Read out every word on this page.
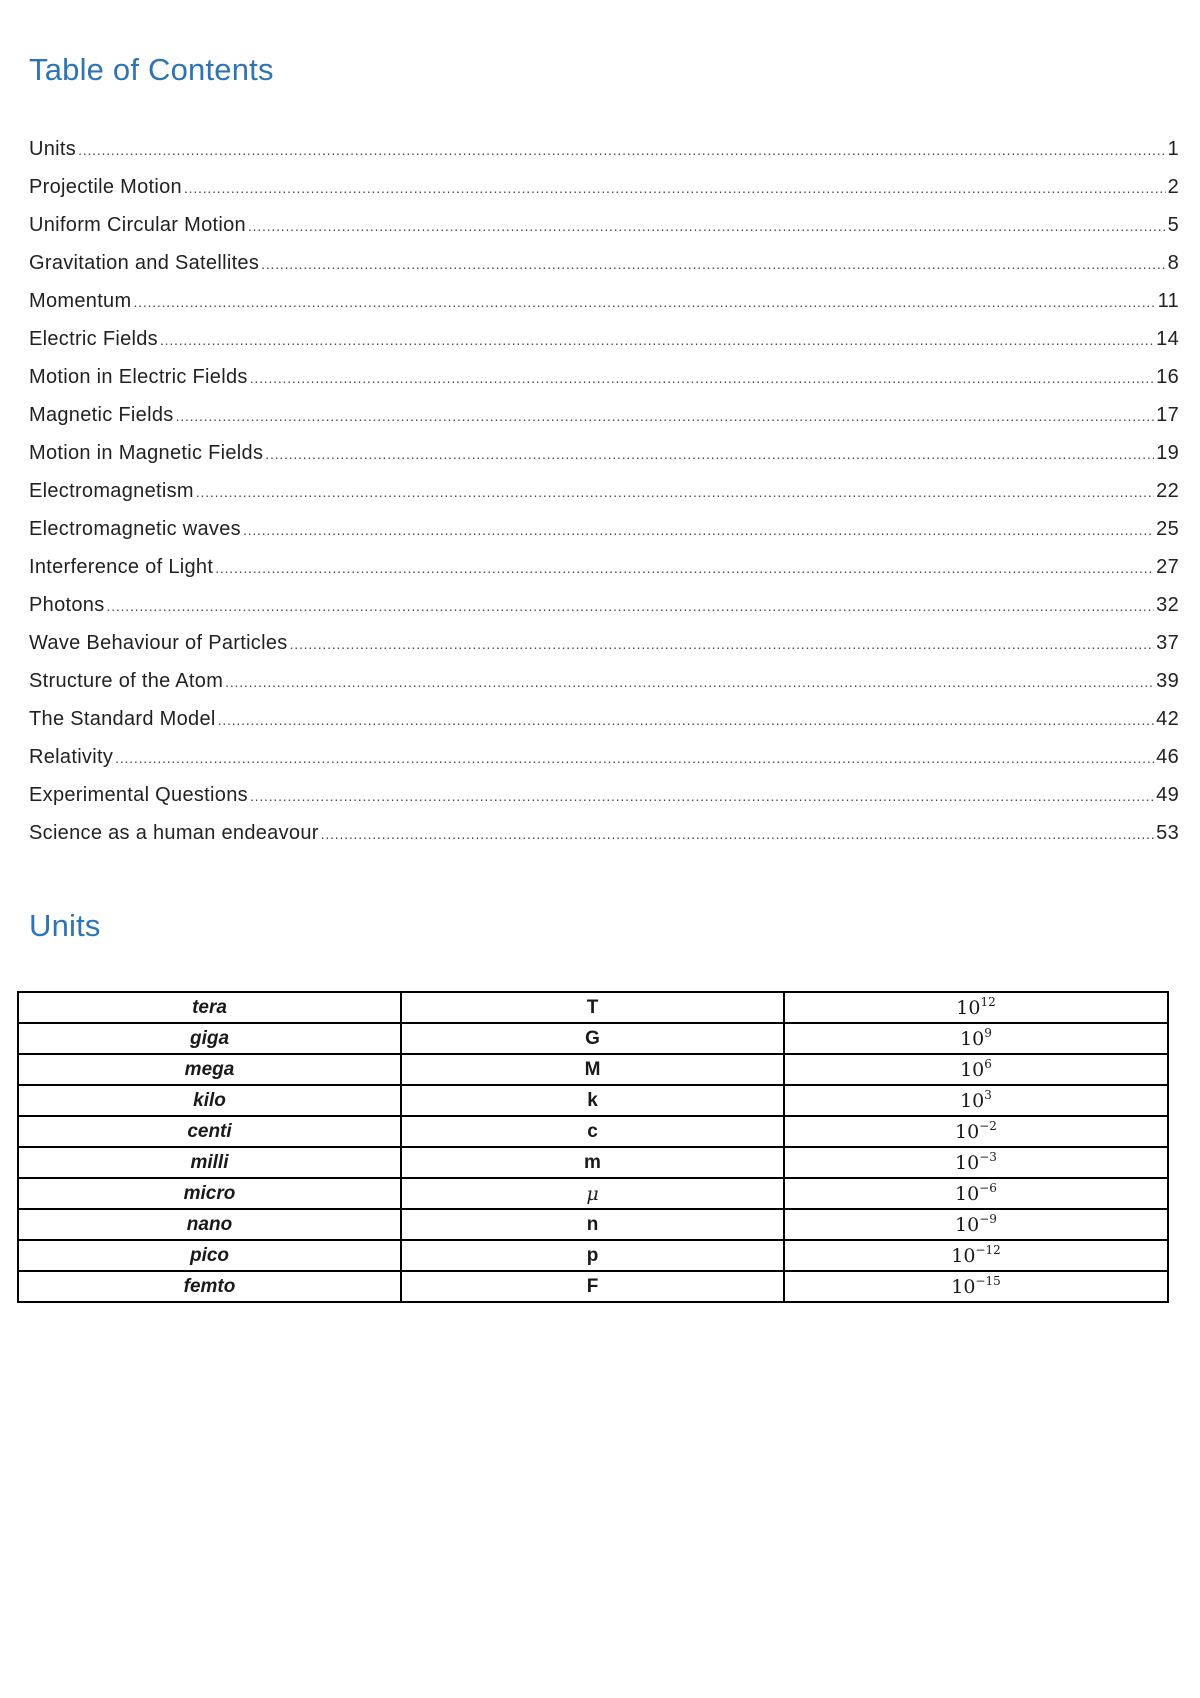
Table of Contents
Units .....	1
Projectile Motion .....	2
Uniform Circular Motion .....	5
Gravitation and Satellites .....	8
Momentum .....	11
Electric Fields .....	14
Motion in Electric Fields .....	16
Magnetic Fields .....	17
Motion in Magnetic Fields .....	19
Electromagnetism .....	22
Electromagnetic waves .....	25
Interference of Light .....	27
Photons .....	32
Wave Behaviour of Particles .....	37
Structure of the Atom .....	39
The Standard Model .....	42
Relativity .....	46
Experimental Questions .....	49
Science as a human endeavour .....	53
Units
tera	T	$10^{12}$
giga	G	$10^9$
mega	M	$10^6$
kilo	k	$10^3$
centi	c	$10^{-2}$
milli	m	$10^{-3}$
micro	μ	$10^{-6}$
nano	n	$10^{-9}$
pico	p	$10^{-12}$
femto	F	$10^{-15}$
